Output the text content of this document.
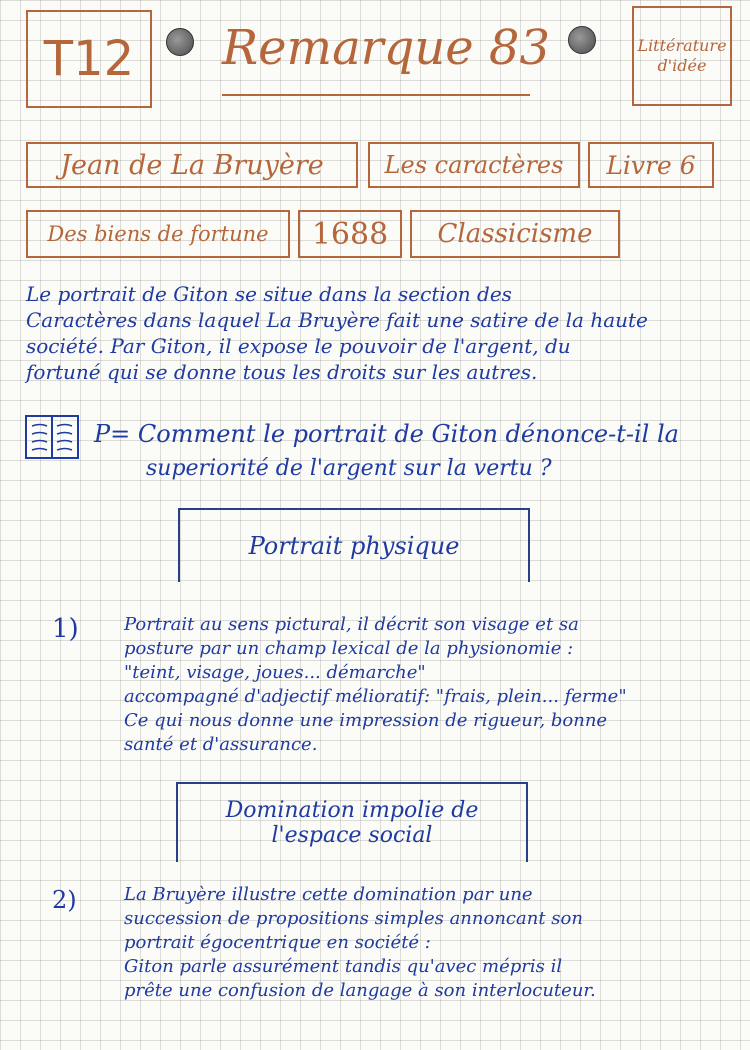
T12 Remarque 83	Littérature
d'idée
Jean de La Bruyère	Les caractères	Livre 6
Des biens de fortune	1688	Classicisme
Le portrait de Giton se situe dans la section des
Caractères dans laquel La Bruyère fait une satire de la haute
société. Par Giton, il expose le pouvoir de l'argent, du
fortuné qui se donne tous les droits sur les autres.
P= Comment le portrait de Giton dénonce-t-il la
superiorité de l'argent sur la vertu ?
Portrait physique
1)	Portrait au sens pictural, il décrit son visage et sa
posture par un champ lexical de la physionomie :
"teint, visage, joues... démarche"
accompagné d'adjectif mélioratif: "frais, plein... ferme"
Ce qui nous donne une impression de rigueur, bonne
santé et d'assurance.
Domination impolie de
l'espace social
2)	La Bruyère illustre cette domination par une
succession de propositions simples annoncant son
portrait égocentrique en société :
Giton parle assurément tandis qu'avec mépris il
prête une confusion de langage à son interlocuteur.
